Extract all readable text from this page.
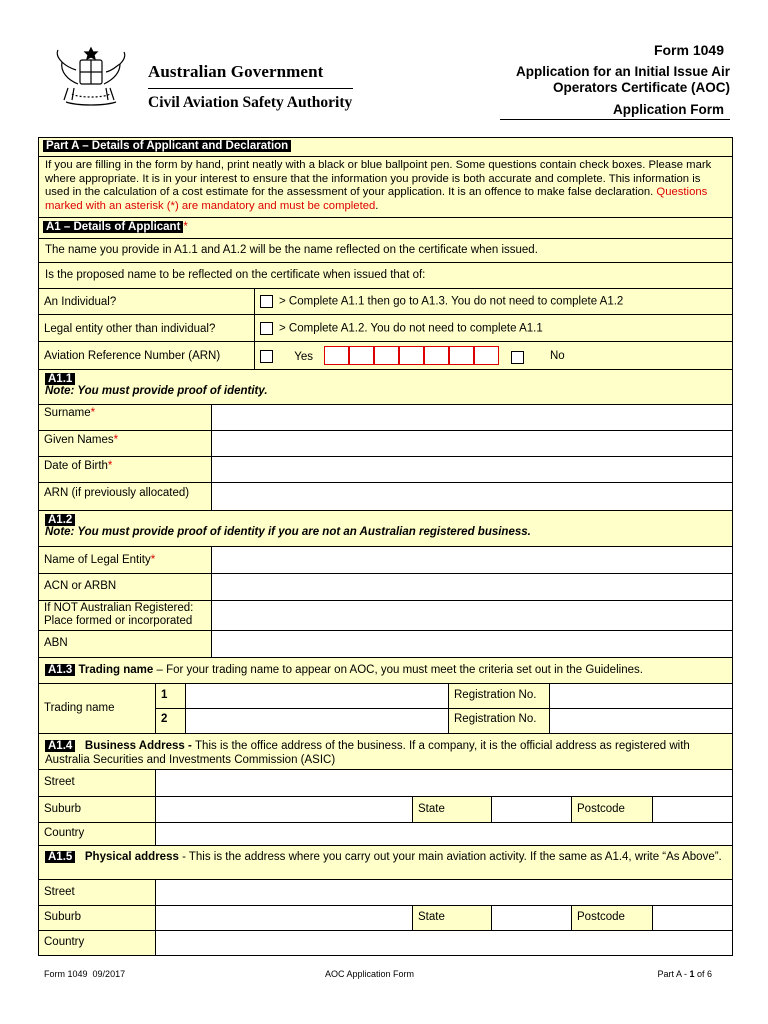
Australian Government
Civil Aviation Safety Authority
Form 1049
Application for an Initial Issue Air Operators Certificate (AOC)
Application Form
Part A – Details of Applicant and Declaration
If you are filling in the form by hand, print neatly with a black or blue ballpoint pen. Some questions contain check boxes. Please mark where appropriate. It is in your interest to ensure that the information you provide is both accurate and complete. This information is used in the calculation of a cost estimate for the assessment of your application. It is an offence to make false declaration. Questions marked with an asterisk (*) are mandatory and must be completed.
A1 – Details of Applicant *
The name you provide in A1.1 and A1.2 will be the name reflected on the certificate when issued.
Is the proposed name to be reflected on the certificate when issued that of:
An Individual?	> Complete A1.1 then go to A1.3. You do not need to complete A1.2
Legal entity other than individual?	> Complete A1.2. You do not need to complete A1.1
Aviation Reference Number (ARN)	Yes	No
A1.1
Note: You must provide proof of identity.
Surname*
Given Names*
Date of Birth*
ARN (if previously allocated)
A1.2
Note: You must provide proof of identity if you are not an Australian registered business.
Name of Legal Entity*
ACN or ARBN
If NOT Australian Registered:
Place formed or incorporated
ABN
A1.3 Trading name – For your trading name to appear on AOC, you must meet the criteria set out in the Guidelines.
Trading name
1	Registration No.
2	Registration No.
A1.4 Business Address - This is the office address of the business. If a company, it is the official address as registered with Australia Securities and Investments Commission (ASIC)
Street
Suburb	State	Postcode
Country
A1.5 Physical address - This is the address where you carry out your main aviation activity. If the same as A1.4, write “As Above”.
Street
Suburb	State	Postcode
Country
Form 1049 09/2017	AOC Application Form	Part A - 1 of 6
